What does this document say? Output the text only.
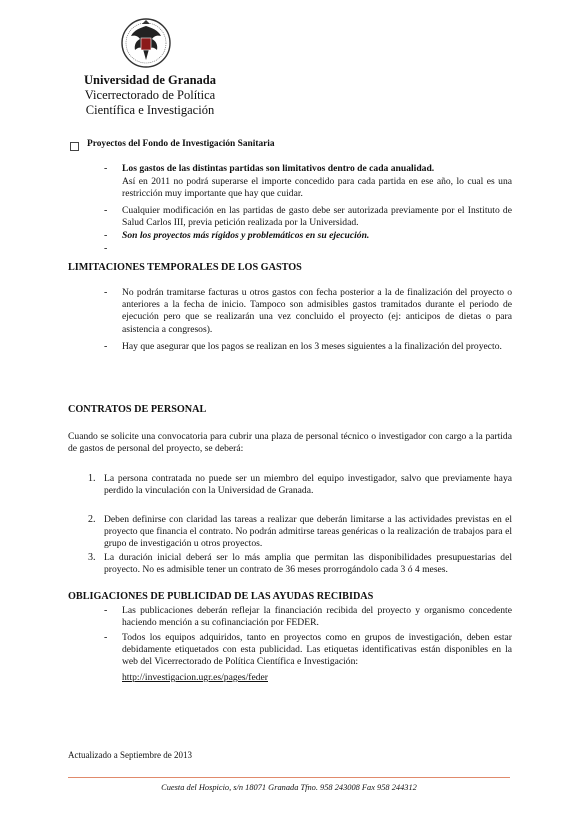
Universidad de Granada
Vicerrectorado de Política
Científica e Investigación
Proyectos del Fondo de Investigación Sanitaria
- Los gastos de las distintas partidas son limitativos dentro de cada anualidad.
Así en 2011 no podrá superarse el importe concedido para cada partida en ese año, lo cual es una restricción muy importante que hay que cuidar.
- Cualquier modificación en las partidas de gasto debe ser autorizada previamente por el Instituto de Salud Carlos III, previa petición realizada por la Universidad.
- Son los proyectos más rígidos y problemáticos en su ejecución.
-
LIMITACIONES TEMPORALES DE LOS GASTOS
- No podrán tramitarse facturas u otros gastos con fecha posterior a la de finalización del proyecto o anteriores a la fecha de inicio. Tampoco son admisibles gastos tramitados durante el periodo de ejecución pero que se realizarán una vez concluido el proyecto (ej: anticipos de dietas o para asistencia a congresos).
- Hay que asegurar que los pagos se realizan en los 3 meses siguientes a la finalización del proyecto.
CONTRATOS DE PERSONAL
Cuando se solicite una convocatoria para cubrir una plaza de personal técnico o investigador con cargo a la partida de gastos de personal del proyecto, se deberá:
1. La persona contratada no puede ser un miembro del equipo investigador, salvo que previamente haya perdido la vinculación con la Universidad de Granada.
2. Deben definirse con claridad las tareas a realizar que deberán limitarse a las actividades previstas en el proyecto que financia el contrato. No podrán admitirse tareas genéricas o la realización de trabajos para el grupo de investigación u otros proyectos.
3. La duración inicial deberá ser lo más amplia que permitan las disponibilidades presupuestarias del proyecto. No es admisible tener un contrato de 36 meses prorrogándolo cada 3 ó 4 meses.
OBLIGACIONES DE PUBLICIDAD DE LAS AYUDAS RECIBIDAS
- Las publicaciones deberán reflejar la financiación recibida del proyecto y organismo concedente haciendo mención a su cofinanciación por FEDER.
- Todos los equipos adquiridos, tanto en proyectos como en grupos de investigación, deben estar debidamente etiquetados con esta publicidad. Las etiquetas identificativas están disponibles en la web del Vicerrectorado de Política Científica e Investigación:
http://investigacion.ugr.es/pages/feder
Actualizado a Septiembre de 2013
Cuesta del Hospicio, s/n 18071 Granada Tfno. 958 243008 Fax 958 244312
